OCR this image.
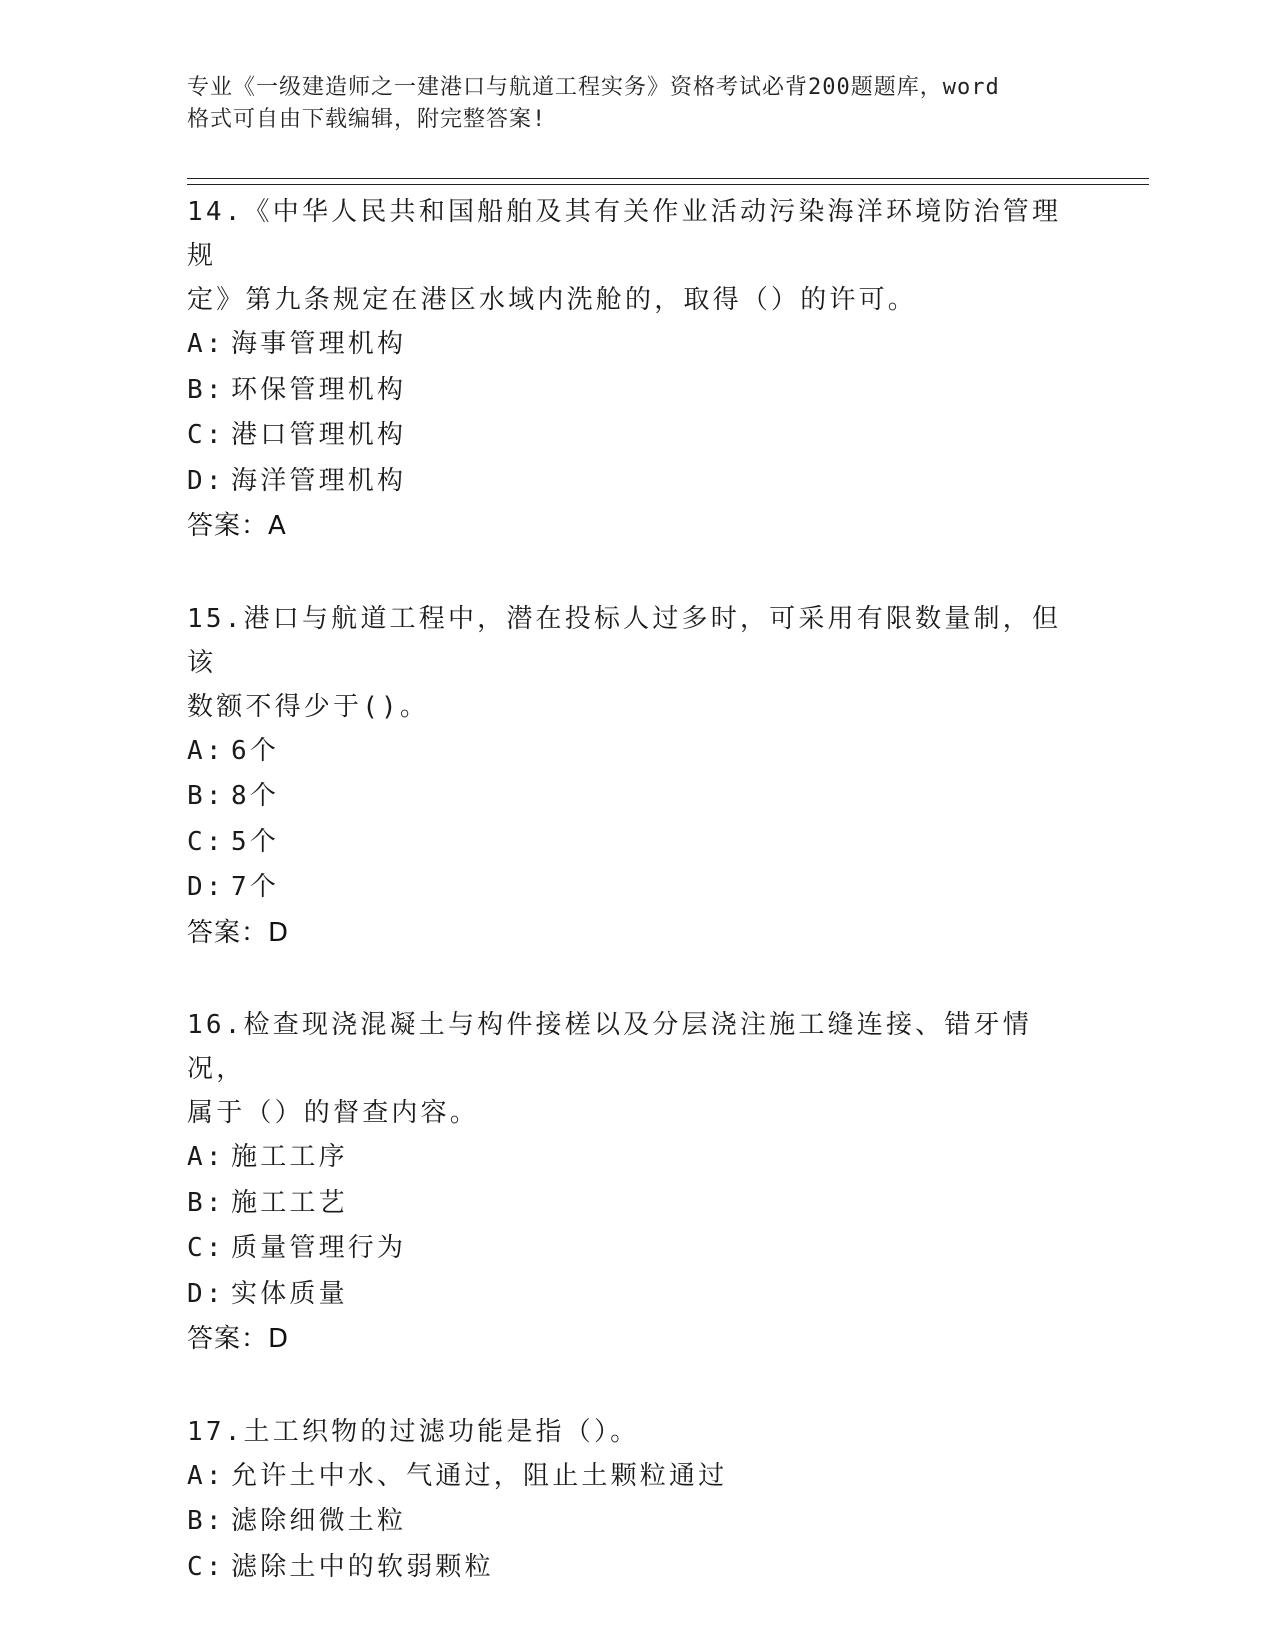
专业《一级建造师之一建港口与航道工程实务》资格考试必背200题题库，word
格式可自由下载编辑，附完整答案!
14.《中华人民共和国船舶及其有关作业活动污染海洋环境防治管理规
定》第九条规定在港区水域内洗舱的，取得（）的许可。
A: 海事管理机构
B: 环保管理机构
C: 港口管理机构
D: 海洋管理机构
答案：A
15.港口与航道工程中，潜在投标人过多时，可采用有限数量制，但该
数额不得少于()。
A: 6个
B: 8个
C: 5个
D: 7个
答案：D
16.检查现浇混凝土与构件接槎以及分层浇注施工缝连接、错牙情况，
属于（）的督查内容。
A: 施工工序
B: 施工工艺
C: 质量管理行为
D: 实体质量
答案：D
17.土工织物的过滤功能是指（）。
A: 允许土中水、气通过，阻止土颗粒通过
B: 滤除细微土粒
C: 滤除土中的软弱颗粒
